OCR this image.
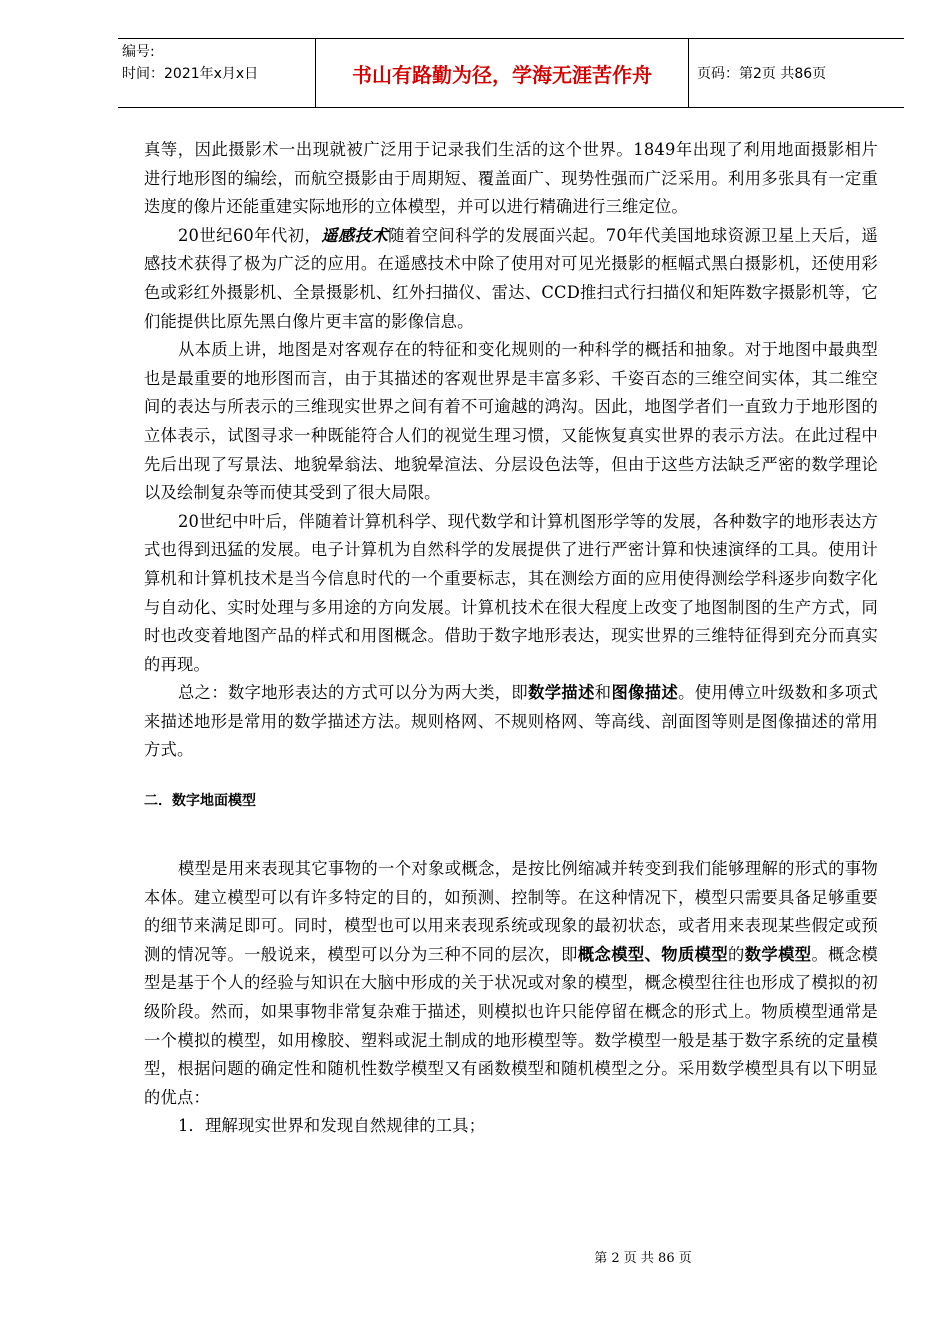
编号:
时间：2021年x月x日	书山有路勤为径，学海无涯苦作舟	页码：第2页 共86页

真等，因此摄影术一出现就被广泛用于记录我们生活的这个世界。1849年出现了利用地面摄影相片进行地形图的编绘，而航空摄影由于周期短、覆盖面广、现势性强而广泛采用。利用多张具有一定重迭度的像片还能重建实际地形的立体模型，并可以进行精确进行三维定位。

20世纪60年代初，遥感技术随着空间科学的发展面兴起。70年代美国地球资源卫星上天后，遥感技术获得了极为广泛的应用。在遥感技术中除了使用对可见光摄影的框幅式黑白摄影机，还使用彩色或彩红外摄影机、全景摄影机、红外扫描仪、雷达、CCD推扫式行扫描仪和矩阵数字摄影机等，它们能提供比原先黑白像片更丰富的影像信息。

从本质上讲，地图是对客观存在的特征和变化规则的一种科学的概括和抽象。对于地图中最典型也是最重要的地形图而言，由于其描述的客观世界是丰富多彩、千姿百态的三维空间实体，其二维空间的表达与所表示的三维现实世界之间有着不可逾越的鸿沟。因此，地图学者们一直致力于地形图的立体表示，试图寻求一种既能符合人们的视觉生理习惯，又能恢复真实世界的表示方法。在此过程中先后出现了写景法、地貌晕翁法、地貌晕渲法、分层设色法等，但由于这些方法缺乏严密的数学理论以及绘制复杂等而使其受到了很大局限。

20世纪中叶后，伴随着计算机科学、现代数学和计算机图形学等的发展，各种数字的地形表达方式也得到迅猛的发展。电子计算机为自然科学的发展提供了进行严密计算和快速演绎的工具。使用计算机和计算机技术是当今信息时代的一个重要标志，其在测绘方面的应用使得测绘学科逐步向数字化与自动化、实时处理与多用途的方向发展。计算机技术在很大程度上改变了地图制图的生产方式，同时也改变着地图产品的样式和用图概念。借助于数字地形表达，现实世界的三维特征得到充分而真实的再现。

总之：数字地形表达的方式可以分为两大类，即数学描述和图像描述。使用傅立叶级数和多项式来描述地形是常用的数学描述方法。规则格网、不规则格网、等高线、剖面图等则是图像描述的常用方式。

二．数字地面模型

模型是用来表现其它事物的一个对象或概念，是按比例缩减并转变到我们能够理解的形式的事物本体。建立模型可以有许多特定的目的，如预测、控制等。在这种情况下，模型只需要具备足够重要的细节来满足即可。同时，模型也可以用来表现系统或现象的最初状态，或者用来表现某些假定或预测的情况等。一般说来，模型可以分为三种不同的层次，即概念模型、物质模型的数学模型。概念模型是基于个人的经验与知识在大脑中形成的关于状况或对象的模型，概念模型往往也形成了模拟的初级阶段。然而，如果事物非常复杂难于描述，则模拟也许只能停留在概念的形式上。物质模型通常是一个模拟的模型，如用橡胶、塑料或泥土制成的地形模型等。数学模型一般是基于数字系统的定量模型，根据问题的确定性和随机性数学模型又有函数模型和随机模型之分。采用数学模型具有以下明显的优点：

1．理解现实世界和发现自然规律的工具；

第 2 页 共 86 页
